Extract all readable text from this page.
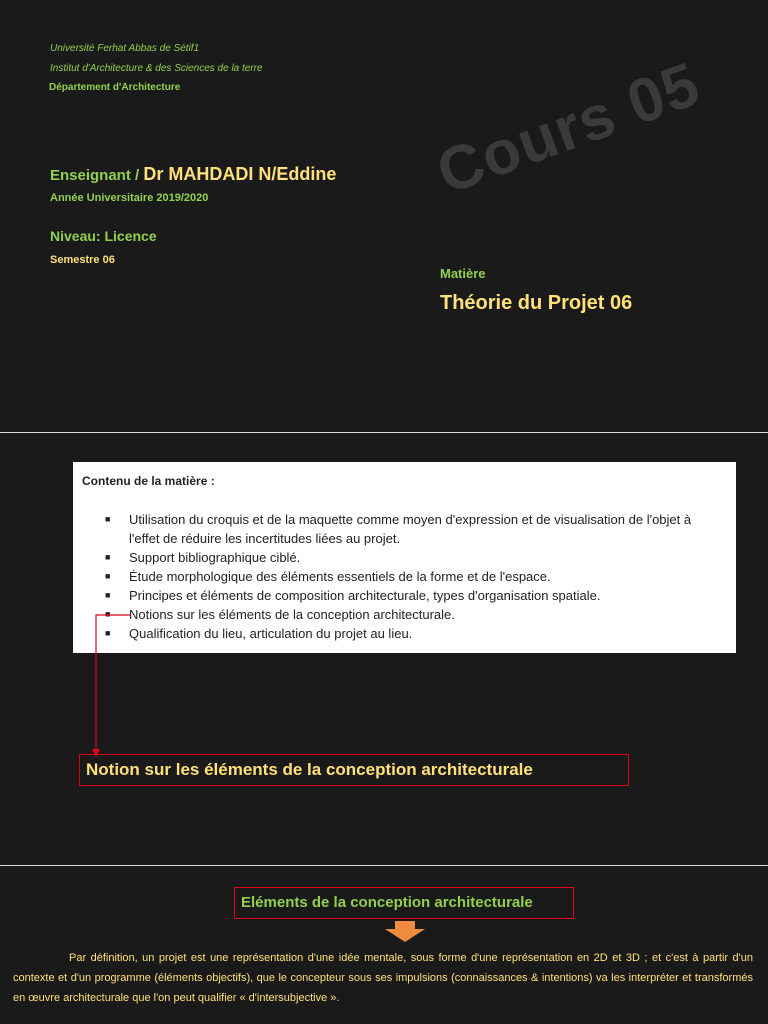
Université Ferhat Abbas de Sétif1
Institut d'Architecture & des Sciences de la terre
Département d'Architecture	Cours 05
Enseignant / Dr MAHDADI N/Eddine
Année Universitaire 2019/2020
Niveau: Licence
Semestre 06
Matière
Théorie du Projet 06
Contenu de la matière :
■ Utilisation du croquis et de la maquette comme moyen d'expression et de visualisation de l'objet à l'effet de réduire les incertitudes liées au projet.
■ Support bibliographique ciblé.
■ Étude morphologique des éléments essentiels de la forme et de l'espace.
■ Principes et éléments de composition architecturale, types d'organisation spatiale.
■ Notions sur les éléments de la conception architecturale.
■ Qualification du lieu, articulation du projet au lieu.
Notion sur les éléments de la conception architecturale
Eléments de la conception architecturale
Par définition, un projet est une représentation d'une idée mentale, sous forme d'une représentation en 2D et 3D ; et c'est à partir d'un contexte et d'un programme (éléments objectifs), que le concepteur sous ses impulsions (connaissances & intentions) va les interpréter et transformés en œuvre architecturale que l'on peut qualifier « d'intersubjective ».
